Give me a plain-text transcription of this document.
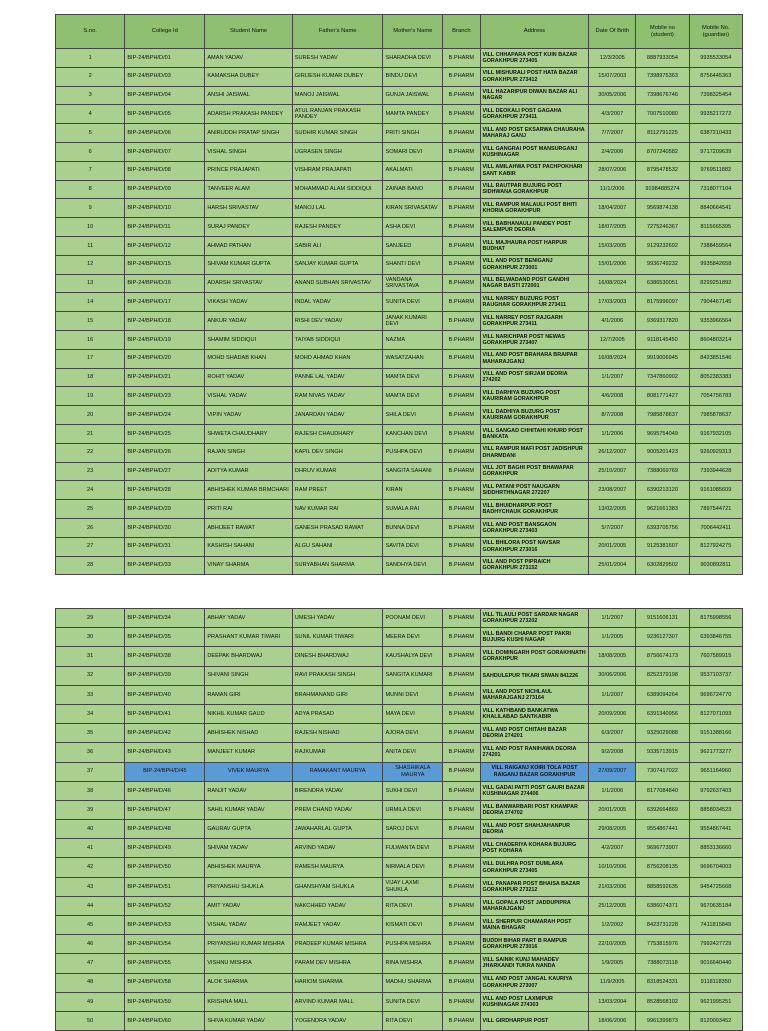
S.no.	College Id	Student Name	Father's Name	Mother's Name	Branch	Address	Date Of Brith	Mobile no (student)	Mobile No. (guardian)
1	BIP-24/BPH/D/01	AMAN YADAV	SURESH YADAV	SHARADHA DEVI	B.PHARM	VILL CHHAPARA POST KUIN BAZAR GORAKHPUR 273405	12/3/2005	8887933054	9935533054
2	BIP-24/BPH/D/03	KAMAKSHA DUBEY	GIRIJESH KUMAR DUBEY	BINDU DEVI	B.PHARM	VILL MISHURALI POST HATA BAZAR GORAKHPUR 273412	15/07/2003	7398975363	8756445363
3	BIP-24/BPH/D/04	ANSHI JAISWAL	MANOJ JAISWAL	GUNJA JAISWAL	B.PHARM	VILL HAZARIPUR DIWAN BAZAR ALI NAGAR	30/05/2006	7398676746	7398325454
4	BIP-24/BPH/D/05	ADARSH PRAKASH PANDEY	ATUL RANJAN PRAKASH PANDEY	MAMTA PANDEY	B.PHARM	VILL DEOKALI POST GAGAHA GORAKHPUR 273411	4/3/2007	7007510080	9935217272
5	BIP-24/BPH/D/06	ANIRUDDH PRATAP SINGH	SUDHIR KUMAR SINGH	PRITI SINGH	B.PHARM	VILL AND POST EKSARWA CHAURAHA MAHARAJ GANJ	7/7/2007	8112791225	6387210433
6	BIP-24/BPH/D/07	VISHAL SINGH	UGRASEN SINGH	SOMARI DEVI	B.PHARM	VILL GANGRAI POST MANSURGANJ KUSHINAGAR	2/4/2006	8707240582	9717209639
7	BIP-24/BPH/D/08	PRINCE PRAJAPATI	VISHRAM PRAJAPATI	AKALMATI	B.PHARM	VILL AMILAHWA POST PACHPOKHARI SANT KABIR	28/07/2006	8795478532	9769511882
8	BIP-24/BPH/D/09	TANVEER ALAM	MOHAMMAD ALAM SIDDIQUI	ZAINAB BANO	B.PHARM	VILL RAUTPAR BUJURG POST SIDHWANA GORAKHPUR	11/1/2006	91984885274	7318077104
9	BIP-24/BPH/D/10	HARSH SRIVASTAV	MANOJ LAL	KIRAN SRIVASATAV	B.PHARM	VILL RAMPUR MALAULI POST BHITI KHORIA GORAKHPUR	18/04/2007	9569874138	8840664541
10	BIP-24/BPH/D/11	SURAJ PANDEY	RAJESH PANDEY	ASHA DEVI	B.PHARM	VILL BABHANAULI PANDEY POST SALEMPUR DEORIA	18/07/2005	7275246367	8115665395
11	BIP-24/BPH/D/12	AHMAD PATHAN	SABIR ALI	SANJEED	B.PHARM	VILL MAJHAURA POST HARPUR BUDHAT	15/03/2005	9129232692	7388459564
12	BIP-24/BPH/D/15	SHIVAM KUMAR GUPTA	SANJAY KUMAR GUPTA	SHANTI DEVI	B.PHARM	VILL AND POST BENIGANJ GORAKHPUR 273001	15/01/2006	9936749232	9935842658
13	BIP-24/BPH/D/16	ADARSH SRIVASTAV	ANAND SUBHAN SRIVASTAV	VANDANA SRIVASTAVA	B.PHARM	VILL BELWADAND POST GANDHI NAGAR BASTI 272001	16/08/2024	6386530051	8299251892
14	BIP-24/BPH/D/17	VIKASH YADAV	INDAL YADAV	SUNITA DEVI	B.PHARM	VILL NARREY BUZURG POST RAUGHAR GORAKHPUR 273411	17/03/2003	8175996097	7904467145
15	BIP-24/BPH/D/18	ANKUR YADAV	RISHI DEV YADAV	JANAK KUMARI DEVI	B.PHARM	VILL NARREY POST RAJGARH GORAKHPUR 273411	4/1/2006	9369317820	9353966564
16	BIP-24/BPH/D/19	SHAMIM SIDDIQUI	TAIYAB SIDDIQUI	NAZMA	B.PHARM	VILL NARICHPAR POST NEWAS GORAKHPUR 273407	12/7/2005	9118145450	8604803214
17	BIP-24/BPH/D/20	MOHD SHADAB KHAN	MOHD AHMAD KHAN	WASATZAHAN	B.PHARM	VILL AND POST BRAHARA BRAIPAR MAHARAJGANJ	16/08/2024	9919006945	8423851546
18	BIP-24/BPH/D/21	ROHIT YADAV	PANNE LAL YADAV	MAMTA DEVI	B.PHARM	VILL AND POST SIRJAM DEORIA 274202	1/1/2007	7347860902	8052383383
19	BIP-24/BPH/D/23	VISHAL YADAV	RAM NIVAS YADAV	MAMTA DEVI	B.PHARM	VILL DARHIYA BUZURG POST KAURIRAM GORAKHPUR	4/6/2008	8081771427	7054756783
20	BIP-24/BPH/D/24	VIPIN YADAV	JANARDAN YADAV	SHILA DEVI	B.PHARM	VILL DADHIYA BUZURG POST KAURIRAM GORAKHPUR	8/7/2008	7985878637	7985878637
21	BIP-24/BPH/D/25	SHWETA CHAUDHARY	RAJESH CHAUDHARY	KANCHAN DEVI	B.PHARM	VILL SANGAD CHHITAHI KHURD POST BANKATA	1/1/2006	9695754049	9167932105
22	BIP-24/BPH/D/26	RAJAN SINGH	KAPIL DEV SINGH	PUSHPA DEVI	B.PHARM	VILL RAMPUR MAFI POST JADISHPUR DHARMDANI	26/12/2007	9005201423	9260929313
23	BIP-24/BPH/D/27	ADITYA KUMAR	DHRUV KUMAR	SANGITA SAHANI	B.PHARM	VILL JOT BAGHI POST BHAWAPAR GORAKHPUR	25/10/2007	7388069769	7393944628
24	BIP-24/BPH/D/28	ABHISHEK KUMAR BRMCHARI	RAM PREET	KIRAN	B.PHARM	VILL PATANI POST NAUGARN SIDDHRTHNAGAR 272207	23/08/2007	6390213120	9161085609
25	BIP-24/BPH/D/29	PRITI RAI	NAV KUMAR RAI	SUMALA RAI	B.PHARM	VILL BHUIDHARPUR POST BADHYCHAUK GORAKHPUR	13/02/2005	9621661383	7897544721
26	BIP-24/BPH/D/30	ABHIJEET RAWAT	GANESH PRASAD RAWAT	BUNNA DEVI	B.PHARM	VILL AND POST BANSGAON GORAKHPUR 273403	5/7/2007	6393705756	7006442411
27	BIP-24/BPH/D/31	KASHISH SAHANI	ALGU SAHANI	SAVITA DEVI	B.PHARM	VILL BHILORA POST NAVSAR GORAKHPUR 273016	20/01/2005	9125381607	8127924275
28	BIP-24/BPH/D/33	VINAY SHARMA	SURYABHAN SHARMA	SANDHYA DEVI	B.PHARM	VILL AND POST PIPRAICH GORAKHPUR 273152	25/01/2004	6302829502	9030892811
29	BIP-24/BPH/D/34	ABHAY YADAV	UMESH YADAV	POONAM DEVI	B.PHARM	VILL TILAULI POST SARDAR NAGAR GORAKHPUR 273202	1/1/2007	9151606131	8175998556
30	BIP-24/BPH/D/35	PRASHANT KUMAR TIWARI	SUNIL KUMAR TIWARI	MEERA DEVI	B.PHARM	VILL BANDI CHAPAR POST PAKRI BUJURG KUSHI NAGAR	1/1/2005	9236127307	6393846755
31	BIP-24/BPH/D/38	DEEPAK BHARDWAJ	DINESH BHARDWAJ	KAUSHALYA DEVI	B.PHARM	VILL DOMINGARH POST GORAKHNATH GORAKHPUR	18/08/2005	8756674173	7607589915
32	BIP-24/BPH/D/39	SHIVANI SINGH	RAVI PRAKASH SINGH	SANGITA KUMARI	B.PHARM	SAHDULEPUR TIKARI SIWAN 841226	30/06/2006	8252379198	9537103737
33	BIP-24/BPH/D/40	RAMAN GIRI	BRAHMANAND GIRI	MUNNI DEVI	B.PHARM	VILL AND POST NICHLAUL MAHARAJGANJ 273164	1/1/2007	6389094264	9696724770
34	BIP-24/BPH/D/41	NIKHIL KUMAR GAUD	ADYA PRASAD	MAYA DEVI	B.PHARM	VILL KATHBAND BANKATWA KHALILABAD SANTKABIR	20/09/2006	6391340956	8127071093
35	BIP-24/BPH/D/42	ABHISHEK NISHAD	RAJESH NISHAD	AJORA DEVI	B.PHARM	VILL AND POST CHITAHI BAZAR DEORIA 274201	6/3/2007	9325029088	9151388166
36	BIP-24/BPH/D/43	MANJEET KUMAR	RAJKUMAR	ANITA DEVI	B.PHARM	VILL AND POST RANIHAWA DEORIA 274201	9/2/2008	9335713915	9621773277
37	BIP-24/BPH/D/45	VIVEK MAURYA	RAMAKANT MAURYA	SHASHIKALA MAURYA	B.PHARM	VILL RAIGANJ KOIRI TOLA POST RAIGANJ BAZAR GORAKHPUR	27/09/2007	7307417022	9651164960
38	BIP-24/BPH/D/46	RANJIT YADAV	BIRENDRA YADAV	SUKHI DEVI	B.PHARM	VILL GADAI PATTI POST GAURI BAZAR KUSHINAGAR 274406	1/1/2006	8177084840	9792637403
39	BIP-24/BPH/D/47	SAHIL KUMAR YADAV	PREM CHAND YADAV	URMILA DEVI	B.PHARM	VILL BANWARBARI POST KHAMPAR DEORIA 274702	20/01/2005	6392664869	8858034523
40	BIP-24/BPH/D/48	GAURAV GUPTA	JAWAHARLAL GUPTA	SAROJ DEVI	B.PHARM	VILL AND POST SHAHJAHANPUR DEORIA	29/08/2005	9554867441	9554867441
41	BIP-24/BPH/D/49	SHIVAM YADAV	ARVIND YADAV	FULWANTA DEVI	B.PHARM	VILL CHADERIYA KOHARA BUJURG POST KOHARA	4/2/2007	9696773907	8853136660
42	BIP-24/BPH/D/50	ABHISHEK MAURYA	RAMESH MAURYA	NIRMALA DEVI	B.PHARM	VILL DULHRA POST DUMLARA GORAKHPUR 273405	10/10/2006	8756208135	9696704003
43	BIP-24/BPH/D/51	PRIYANSHU SHUKLA	GHANSHYAM SHUKLA	VIJAY LAXMI SHUKLA	B.PHARM	VILL PANAPAR POST BHAISA BAZAR GORAKHPUR 273212	21/03/2006	8858592635	9454725668
44	BIP-24/BPH/D/52	AMIT YADAV	NAKCHHED YADAV	RITA DEVI	B.PHARM	VILL GOPALA POST JADDUPIPRA MAHARAJGANJ	25/12/2005	6386074371	9670635184
45	BIP-24/BPH/D/53	VISHAL YADAV	RAMJEET YADAV	KISMATI DEVI	B.PHARM	VILL SHERPUR CHAMARAH POST MAINA BHAGAR	1/2/2002	8423731228	7411815849
46	BIP-24/BPH/D/54	PRIYANSHU KUMAR MISHRA	PRADEEP KUMAR MISHRA	PUSHPA MISHRA	B.PHARM	BUDDH BIHAR PART B RAMPUR GORAKHPUR 273016	22/10/2005	7753815976	7992427729
47	BIP-24/BPH/D/55	VISHNU MISHRA	PARAM DEV MISHRA	RINA MISHRA	B.PHARM	VILL SAINIK KUNJ MAHADEV JHARKANDI TUKRA NANDA	1/9/2005	7388073118	9016640440
48	BIP-24/BPH/D/58	ALOK SHARMA	HARIOM SHARMA	MADHU SHARMA	B.PHARM	VILL AND POST JANGAL KAURIYA GORAKHPUR 273007	11/9/2005	8318524331	9118118350
49	BIP-24/BPH/D/59	KRISHNA MALL	ARVIND KUMAR MALL	SUNITA DEVI	B.PHARM	VILL AND POST LAXMIPUR KUSHINAGAR 274303	13/03/2004	8528568102	9621995251
50	BIP-24/BPH/D/60	SHIVA KUMAR YADAV	YOGENDRA YADAV	RITA DEVI	B.PHARM	VILL GIRDHARPUR POST	18/06/2006	9961399873	8120093452
